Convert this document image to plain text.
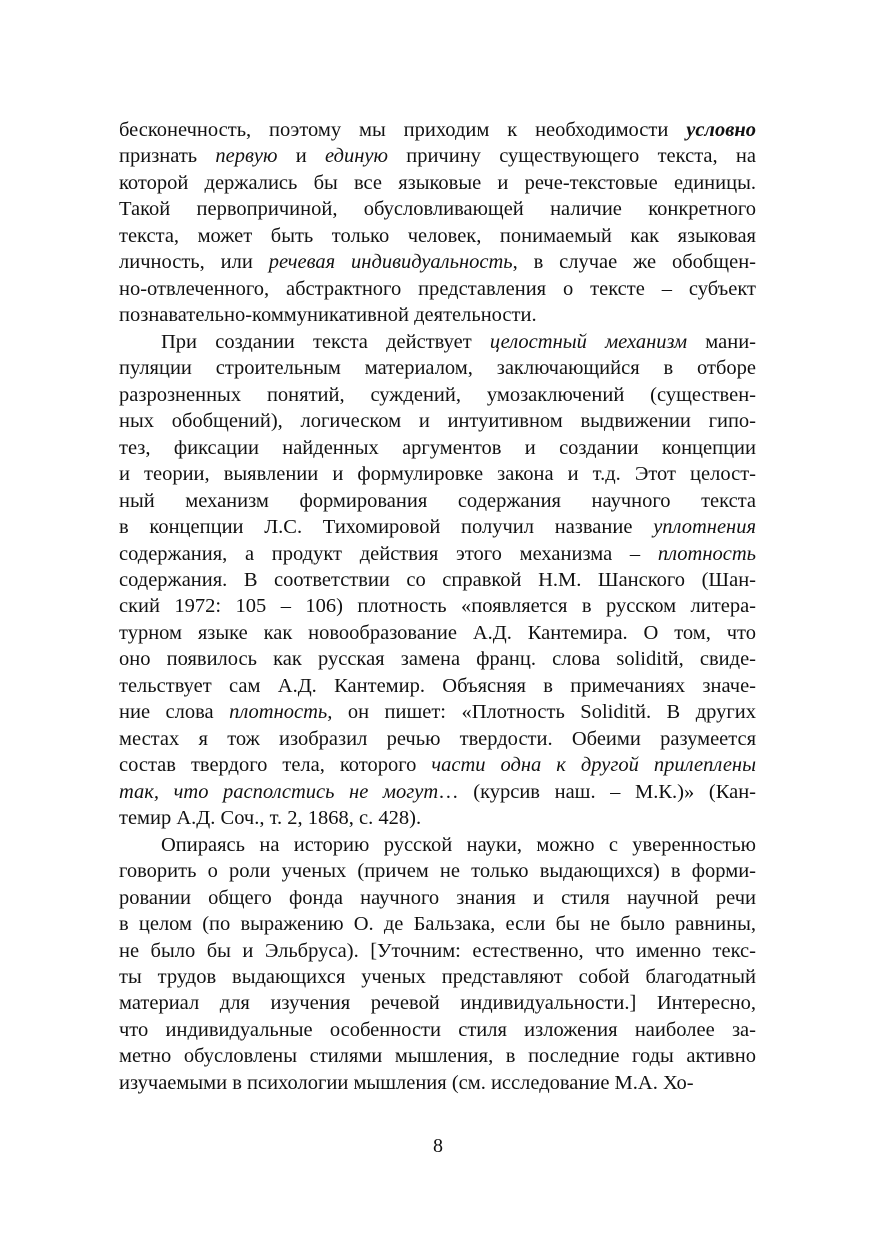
бесконечность, поэтому мы приходим к необходимости условно
признать первую и единую причину существующего текста, на
которой держались бы все языковые и рече-текстовые единицы.
Такой первопричиной, обусловливающей наличие конкретного
текста, может быть только человек, понимаемый как языковая
личность, или речевая индивидуальность, в случае же обобщен-
но-отвлеченного, абстрактного представления о тексте – субъект
познавательно-коммуникативной деятельности.
При создании текста действует целостный механизм мани-
пуляции строительным материалом, заключающийся в отборе
разрозненных понятий, суждений, умозаключений (существен-
ных обобщений), логическом и интуитивном выдвижении гипо-
тез, фиксации найденных аргументов и создании концепции
и теории, выявлении и формулировке закона и т.д. Этот целост-
ный механизм формирования содержания научного текста
в концепции Л.С. Тихомировой получил название уплотнения
содержания, а продукт действия этого механизма – плотность
содержания. В соответствии со справкой Н.М. Шанского (Шан-
ский 1972: 105 – 106) плотность «появляется в русском литера-
турном языке как новообразование А.Д. Кантемира. О том, что
оно появилось как русская замена франц. слова soliditй, свиде-
тельствует сам А.Д. Кантемир. Объясняя в примечаниях значе-
ние слова плотность, он пишет: «Плотность Soliditй. В других
местах я тож изобразил речью твердости. Обеими разумеется
состав твердого тела, которого части одна к другой прилеплены
так, что располстись не могут… (курсив наш. – М.К.)» (Кан-
темир А.Д. Соч., т. 2, 1868, с. 428).
Опираясь на историю русской науки, можно с уверенностью
говорить о роли ученых (причем не только выдающихся) в форми-
ровании общего фонда научного знания и стиля научной речи
в целом (по выражению О. де Бальзака, если бы не было равнины,
не было бы и Эльбруса). [Уточним: естественно, что именно текс-
ты трудов выдающихся ученых представляют собой благодатный
материал для изучения речевой индивидуальности.] Интересно,
что индивидуальные особенности стиля изложения наиболее за-
метно обусловлены стилями мышления, в последние годы активно
изучаемыми в психологии мышления (см. исследование М.А. Хо-
8
